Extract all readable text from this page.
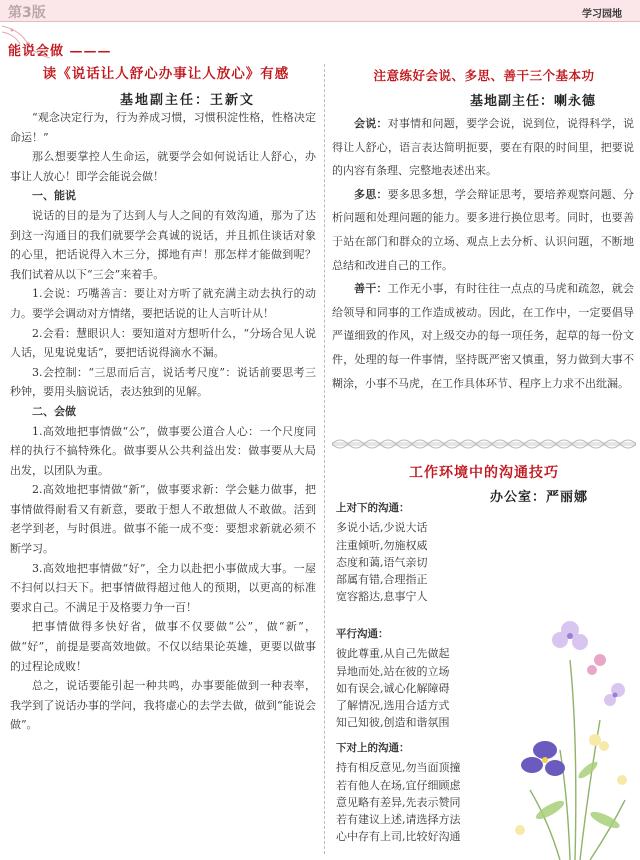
第3版	学习园地
能说会做 ———
读《说话让人舒心办事让人放心》有感
基地副主任：王新文

“观念决定行为，行为养成习惯，习惯积淀性格，性格决定命运！”

那么想要掌控人生命运，就要学会如何说话让人舒心，办事让人放心！即学会能说会做！

一、能说

说话的目的是为了达到人与人之间的有效沟通，那为了达到这一沟通目的我们就要学会真诚的说话，并且抓住谈话对象的心里，把话说得入木三分，掷地有声！那怎样才能做到呢？我们试着从以下“三会”来着手。

1.会说：巧嘴善言：要让对方听了就充满主动去执行的动力。要学会调动对方情绪，要把话说的让人言听计从！

2.会看：慧眼识人：要知道对方想听什么，“分场合见人说人话，见鬼说鬼话”，要把话说得滴水不漏。

3.会控制：“三思而后言，说话考尺度”：说话前要思考三秒钟，要用头脑说话，表达独到的见解。

二、会做

1.高效地把事情做“公”，做事要公道合人心：一个尺度同样的执行不搞特殊化。做事要从公共利益出发：做事要从大局出发，以团队为重。

2.高效地把事情做“新”，做事要求新：学会魅力做事，把事情做得耐看又有新意，要敢于想人不敢想做人不敢做。活到老学到老，与时俱进。做事不能一成不变：要想求新就必须不断学习。

3.高效地把事情做“好”，全力以赴把小事做成大事。一屋不扫何以扫天下。把事情做得超过他人的预期，以更高的标准要求自己。不满足于及格要力争一百！

把事情做得多快好省，做事不仅要做“公”，做“新”，做“好”，前提是要高效地做。不仅以结果论英雄，更要以做事的过程论成败！

总之，说话要能引起一种共鸣，办事要能做到一种表率，我学到了说话办事的学问，我将虚心的去学去做，做到“能说会做”。

注意练好会说、多思、善干三个基本功
基地副主任：喇永德

会说：对事情和问题，要学会说，说到位，说得科学，说得让人舒心，语言表达简明扼要，要在有限的时间里，把要说的内容有条理、完整地表述出来。

多思：要多思多想，学会辩证思考，要培养观察问题、分析问题和处理问题的能力。要多进行换位思考。同时，也要善于站在部门和群众的立场、观点上去分析、认识问题，不断地总结和改进自己的工作。

善干：工作无小事，有时往往一点点的马虎和疏忽，就会给领导和同事的工作造成被动。因此，在工作中，一定要倡导严谨细致的作风，对上级交办的每一项任务，起草的每一份文件，处理的每一件事情，坚持既严密又慎重，努力做到大事不糊涂，小事不马虎，在工作具体环节、程序上力求不出纰漏。

工作环境中的沟通技巧
办公室：严丽娜
上对下的沟通：
多说小话,少说大话
注重倾听,勿施权威
态度和蔼,语气亲切
部属有错,合理指正
宽容豁达,息事宁人
平行沟通：
彼此尊重,从自己先做起
异地而处,站在彼的立场
如有误会,诚心化解障碍
了解情况,选用合适方式
知己知彼,创造和谐氛围
下对上的沟通：
持有相反意见,勿当面顶撞
若有他人在场,宜仔细顾虑
意见略有差异,先表示赞同
若有建议上述,请选择方法
心中存有上司,比较好沟通
